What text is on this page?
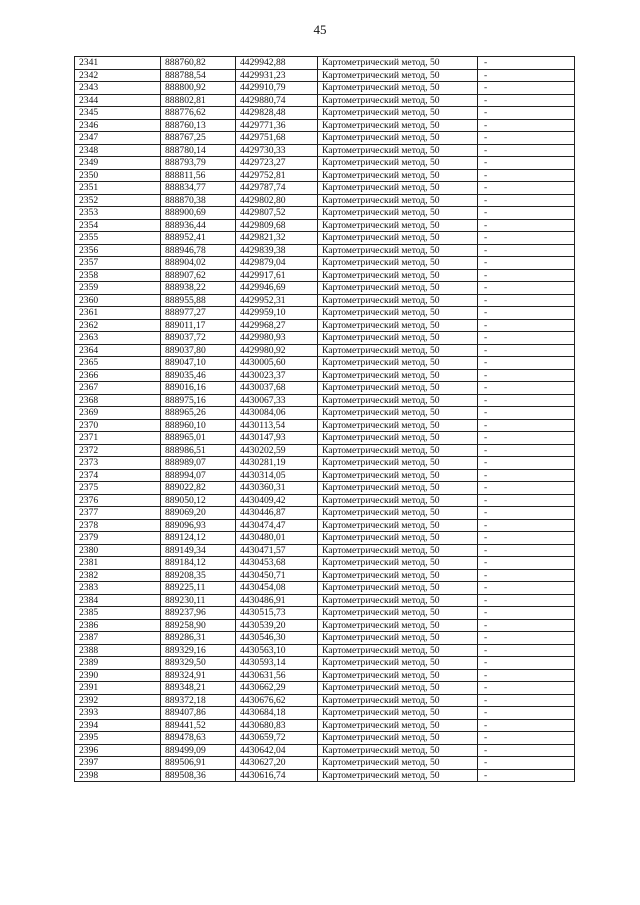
45
2341	888760,82	4429942,88	Картометрический метод, 50	-
2342	888788,54	4429931,23	Картометрический метод, 50	-
2343	888800,92	4429910,79	Картометрический метод, 50	-
2344	888802,81	4429880,74	Картометрический метод, 50	-
2345	888776,62	4429828,48	Картометрический метод, 50	-
2346	888760,13	4429771,36	Картометрический метод, 50	-
2347	888767,25	4429751,68	Картометрический метод, 50	-
2348	888780,14	4429730,33	Картометрический метод, 50	-
2349	888793,79	4429723,27	Картометрический метод, 50	-
2350	888811,56	4429752,81	Картометрический метод, 50	-
2351	888834,77	4429787,74	Картометрический метод, 50	-
2352	888870,38	4429802,80	Картометрический метод, 50	-
2353	888900,69	4429807,52	Картометрический метод, 50	-
2354	888936,44	4429809,68	Картометрический метод, 50	-
2355	888952,41	4429821,32	Картометрический метод, 50	-
2356	888946,78	4429839,38	Картометрический метод, 50	-
2357	888904,02	4429879,04	Картометрический метод, 50	-
2358	888907,62	4429917,61	Картометрический метод, 50	-
2359	888938,22	4429946,69	Картометрический метод, 50	-
2360	888955,88	4429952,31	Картометрический метод, 50	-
2361	888977,27	4429959,10	Картометрический метод, 50	-
2362	889011,17	4429968,27	Картометрический метод, 50	-
2363	889037,72	4429980,93	Картометрический метод, 50	-
2364	889037,80	4429980,92	Картометрический метод, 50	-
2365	889047,10	4430005,60	Картометрический метод, 50	-
2366	889035,46	4430023,37	Картометрический метод, 50	-
2367	889016,16	4430037,68	Картометрический метод, 50	-
2368	888975,16	4430067,33	Картометрический метод, 50	-
2369	888965,26	4430084,06	Картометрический метод, 50	-
2370	888960,10	4430113,54	Картометрический метод, 50	-
2371	888965,01	4430147,93	Картометрический метод, 50	-
2372	888986,51	4430202,59	Картометрический метод, 50	-
2373	888989,07	4430281,19	Картометрический метод, 50	-
2374	888994,07	4430314,05	Картометрический метод, 50	-
2375	889022,82	4430360,31	Картометрический метод, 50	-
2376	889050,12	4430409,42	Картометрический метод, 50	-
2377	889069,20	4430446,87	Картометрический метод, 50	-
2378	889096,93	4430474,47	Картометрический метод, 50	-
2379	889124,12	4430480,01	Картометрический метод, 50	-
2380	889149,34	4430471,57	Картометрический метод, 50	-
2381	889184,12	4430453,68	Картометрический метод, 50	-
2382	889208,35	4430450,71	Картометрический метод, 50	-
2383	889225,11	4430454,08	Картометрический метод, 50	-
2384	889230,11	4430486,91	Картометрический метод, 50	-
2385	889237,96	4430515,73	Картометрический метод, 50	-
2386	889258,90	4430539,20	Картометрический метод, 50	-
2387	889286,31	4430546,30	Картометрический метод, 50	-
2388	889329,16	4430563,10	Картометрический метод, 50	-
2389	889329,50	4430593,14	Картометрический метод, 50	-
2390	889324,91	4430631,56	Картометрический метод, 50	-
2391	889348,21	4430662,29	Картометрический метод, 50	-
2392	889372,18	4430676,62	Картометрический метод, 50	-
2393	889407,86	4430684,18	Картометрический метод, 50	-
2394	889441,52	4430680,83	Картометрический метод, 50	-
2395	889478,63	4430659,72	Картометрический метод, 50	-
2396	889499,09	4430642,04	Картометрический метод, 50	-
2397	889506,91	4430627,20	Картометрический метод, 50	-
2398	889508,36	4430616,74	Картометрический метод, 50	-
